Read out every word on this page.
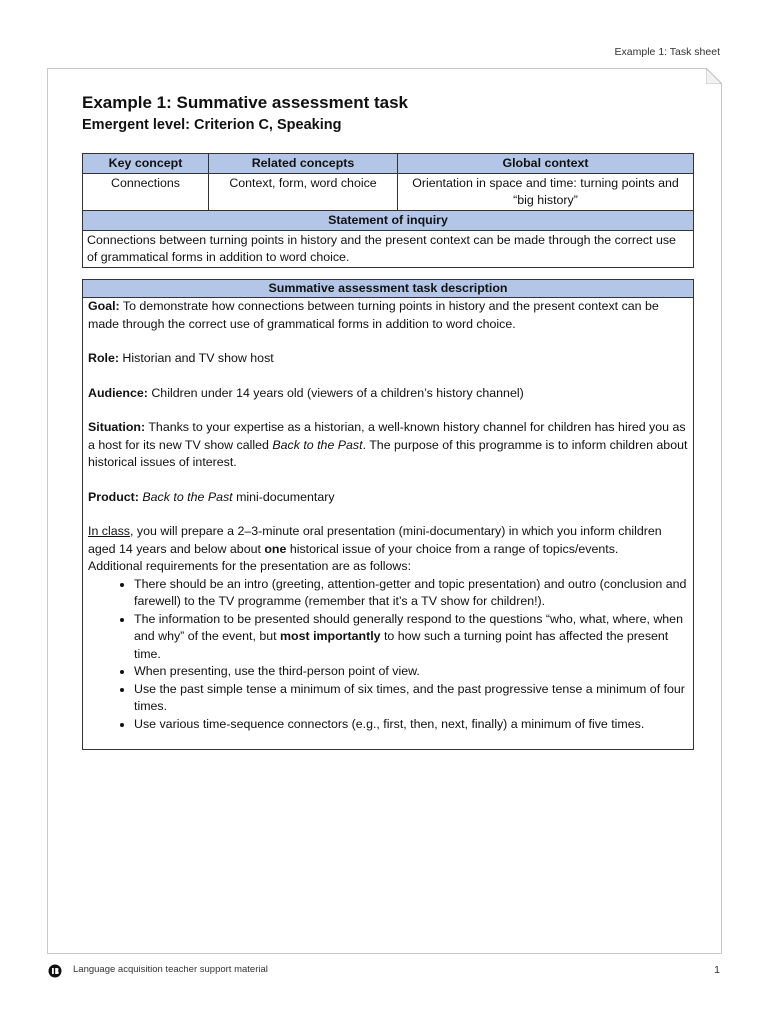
Example 1: Task sheet
Example 1: Summative assessment task
Emergent level: Criterion C, Speaking
Key concept	Related concepts	Global context
Connections	Context, form, word choice	Orientation in space and time: turning points and “big history”
Statement of inquiry		
Connections between turning points in history and the present context can be made through the correct use of grammatical forms in addition to word choice.		
Summative assessment task description

Goal: To demonstrate how connections between turning points in history and the present context can be made through the correct use of grammatical forms in addition to word choice.

Role: Historian and TV show host

Audience: Children under 14 years old (viewers of a children’s history channel)

Situation: Thanks to your expertise as a historian, a well-known history channel for children has hired you as a host for its new TV show called Back to the Past. The purpose of this programme is to inform children about historical issues of interest.

Product: Back to the Past mini-documentary

In class, you will prepare a 2–3-minute oral presentation (mini-documentary) in which you inform children aged 14 years and below about one historical issue of your choice from a range of topics/events.

Additional requirements for the presentation are as follows:

• There should be an intro (greeting, attention-getter and topic presentation) and outro (conclusion and farewell) to the TV programme (remember that it’s a TV show for children!).
• The information to be presented should generally respond to the questions “who, what, where, when and why” of the event, but most importantly to how such a turning point has affected the present time.
• When presenting, use the third-person point of view.
• Use the past simple tense a minimum of six times, and the past progressive tense a minimum of four times.
• Use various time-sequence connectors (e.g., first, then, next, finally) a minimum of five times.
Language acquisition teacher support material	1
